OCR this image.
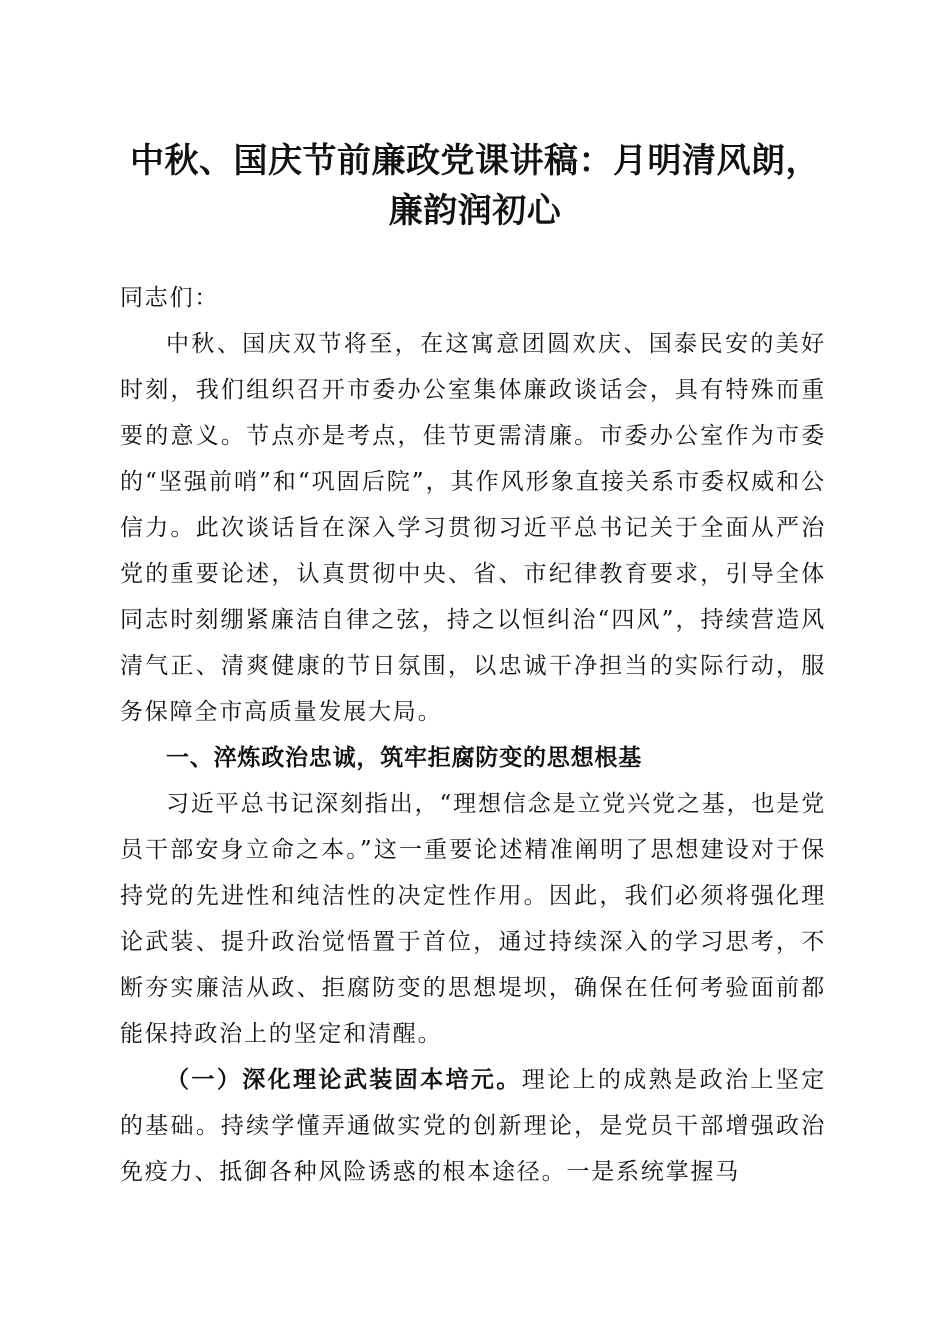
中秋、国庆节前廉政党课讲稿：月明清风朗，
廉韵润初心

同志们：

中秋、国庆双节将至，在这寓意团圆欢庆、国泰民安的美好时刻，我们组织召开市委办公室集体廉政谈话会，具有特殊而重要的意义。节点亦是考点，佳节更需清廉。市委办公室作为市委的“坚强前哨”和“巩固后院”，其作风形象直接关系市委权威和公信力。此次谈话旨在深入学习贯彻习近平总书记关于全面从严治党的重要论述，认真贯彻中央、省、市纪律教育要求，引导全体同志时刻绷紧廉洁自律之弦，持之以恒纠治“四风”，持续营造风清气正、清爽健康的节日氛围，以忠诚干净担当的实际行动，服务保障全市高质量发展大局。

一、淬炼政治忠诚，筑牢拒腐防变的思想根基

习近平总书记深刻指出，“理想信念是立党兴党之基，也是党员干部安身立命之本。”这一重要论述精准阐明了思想建设对于保持党的先进性和纯洁性的决定性作用。因此，我们必须将强化理论武装、提升政治觉悟置于首位，通过持续深入的学习思考，不断夯实廉洁从政、拒腐防变的思想堤坝，确保在任何考验面前都能保持政治上的坚定和清醒。

（一）深化理论武装固本培元。理论上的成熟是政治上坚定的基础。持续学懂弄通做实党的创新理论，是党员干部增强政治免疫力、抵御各种风险诱惑的根本途径。一是系统掌握马
